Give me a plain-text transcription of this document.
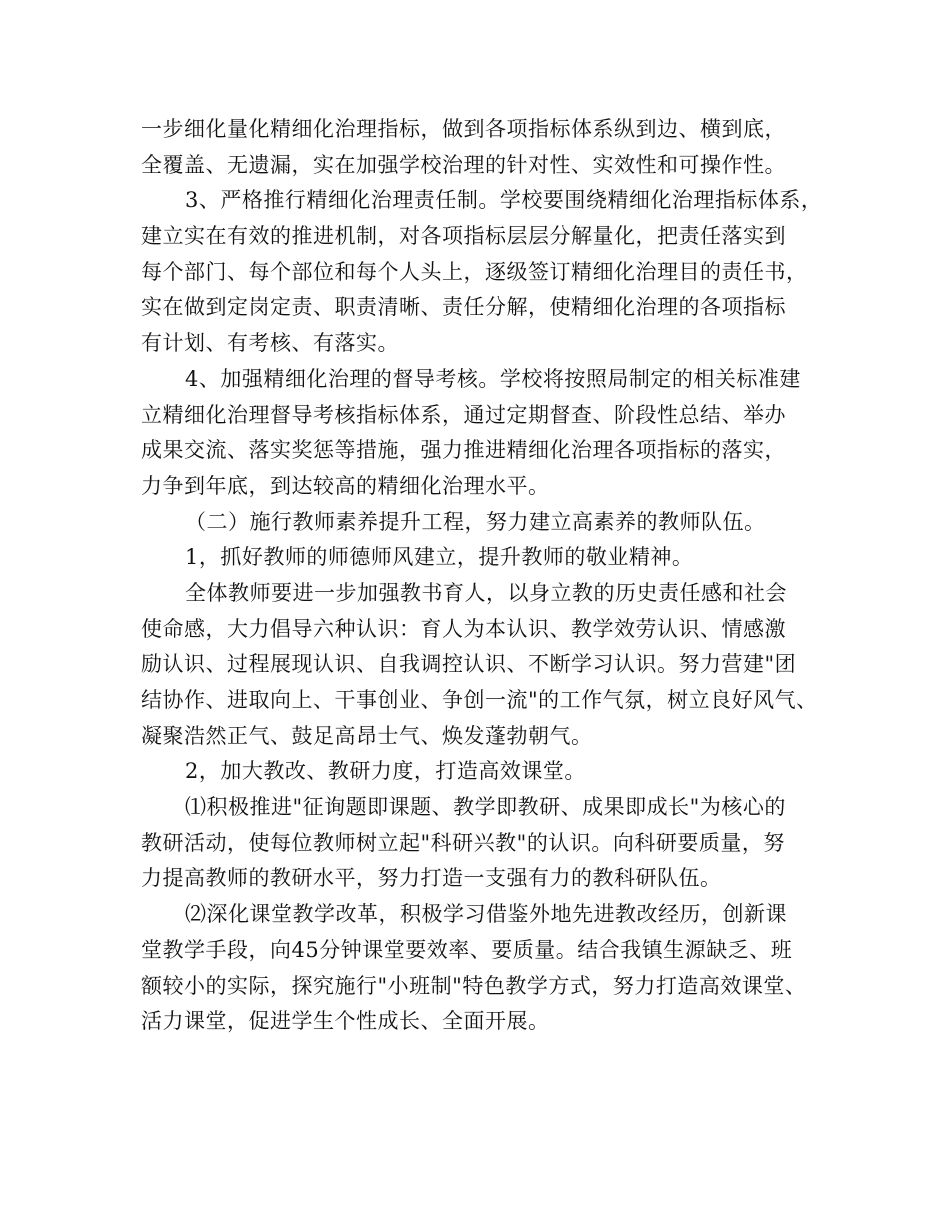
一步细化量化精细化治理指标，做到各项指标体系纵到边、横到底，
全覆盖、无遗漏，实在加强学校治理的针对性、实效性和可操作性。
3、严格推行精细化治理责任制。学校要围绕精细化治理指标体系，
建立实在有效的推进机制，对各项指标层层分解量化，把责任落实到
每个部门、每个部位和每个人头上，逐级签订精细化治理目的责任书，
实在做到定岗定责、职责清晰、责任分解，使精细化治理的各项指标
有计划、有考核、有落实。
4、加强精细化治理的督导考核。学校将按照局制定的相关标准建
立精细化治理督导考核指标体系，通过定期督查、阶段性总结、举办
成果交流、落实奖惩等措施，强力推进精细化治理各项指标的落实，
力争到年底，到达较高的精细化治理水平。
（二）施行教师素养提升工程，努力建立高素养的教师队伍。
1，抓好教师的师德师风建立，提升教师的敬业精神。
全体教师要进一步加强教书育人，以身立教的历史责任感和社会
使命感，大力倡导六种认识：育人为本认识、教学效劳认识、情感激
励认识、过程展现认识、自我调控认识、不断学习认识。努力营建"团
结协作、进取向上、干事创业、争创一流"的工作气氛，树立良好风气、
凝聚浩然正气、鼓足高昂士气、焕发蓬勃朝气。
2，加大教改、教研力度，打造高效课堂。
⑴积极推进"征询题即课题、教学即教研、成果即成长"为核心的
教研活动，使每位教师树立起"科研兴教"的认识。向科研要质量，努
力提高教师的教研水平，努力打造一支强有力的教科研队伍。
⑵深化课堂教学改革，积极学习借鉴外地先进教改经历，创新课
堂教学手段，向45分钟课堂要效率、要质量。结合我镇生源缺乏、班
额较小的实际，探究施行"小班制"特色教学方式，努力打造高效课堂、
活力课堂，促进学生个性成长、全面开展。
